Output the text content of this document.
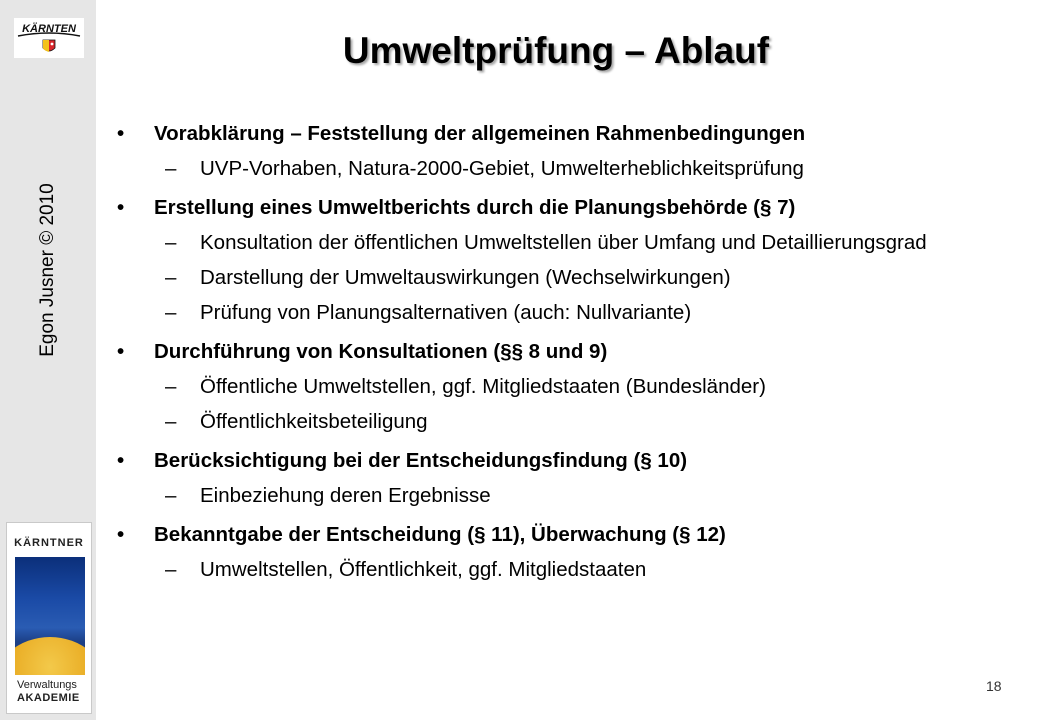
KÄRNTEN
Egon Jusner © 2010
KÄRNTNER
Verwaltungs
AKADEMIE
Umweltprüfung – Ablauf
• Vorabklärung – Feststellung der allgemeinen Rahmenbedingungen
– UVP-Vorhaben, Natura-2000-Gebiet, Umwelterheblichkeitsprüfung
• Erstellung eines Umweltberichts durch die Planungsbehörde (§ 7)
– Konsultation der öffentlichen Umweltstellen über Umfang und Detaillierungsgrad
– Darstellung der Umweltauswirkungen (Wechselwirkungen)
– Prüfung von Planungsalternativen (auch: Nullvariante)
• Durchführung von Konsultationen (§§ 8 und 9)
– Öffentliche Umweltstellen, ggf. Mitgliedstaaten (Bundesländer)
– Öffentlichkeitsbeteiligung
• Berücksichtigung bei der Entscheidungsfindung (§ 10)
– Einbeziehung deren Ergebnisse
• Bekanntgabe der Entscheidung (§ 11), Überwachung (§ 12)
– Umweltstellen, Öffentlichkeit, ggf. Mitgliedstaaten
18
